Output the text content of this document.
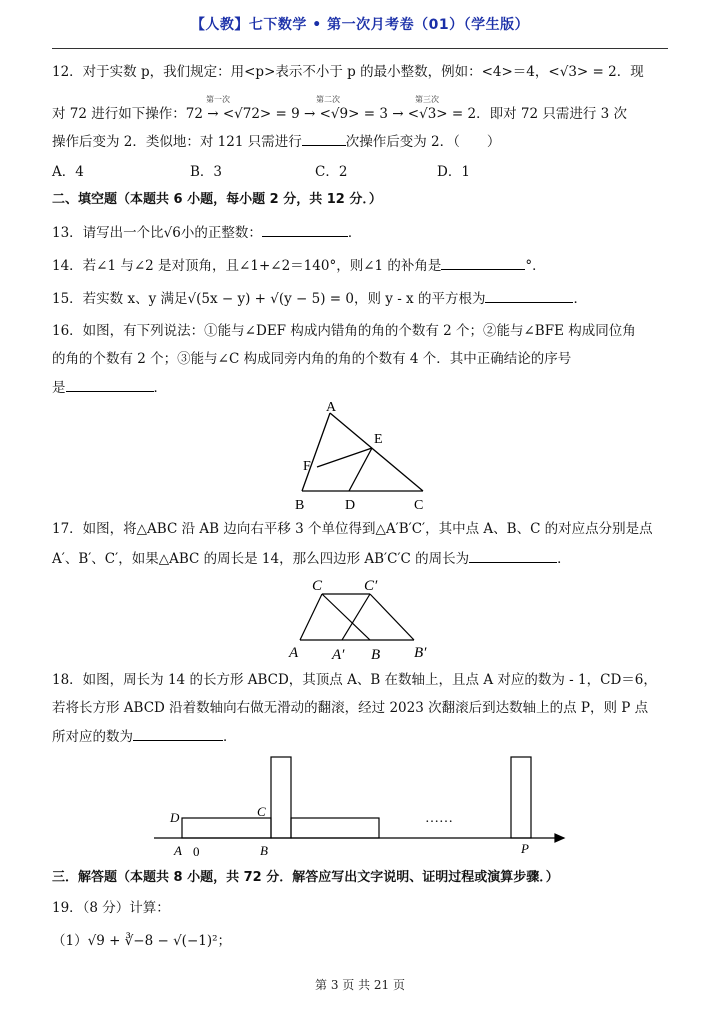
【人教】七下数学 • 第一次月考卷（01）（学生版）
12．对于实数 p，我们规定：用<p>表示不小于 p 的最小整数，例如：<4>＝4，<√3> = 2．现
第一次	第二次	第三次
对 72 进行如下操作：72 → <√72> = 9 → <√9> = 3 → <√3> = 2．即对 72 只需进行 3 次
操作后变为 2．类似地：对 121 只需进行	次操作后变为 2．（　　）
A．4	B．3	C．2	D．1
二、填空题（本题共 6 小题，每小题 2 分，共 12 分．）
13．请写出一个比√6小的正整数：	．
14．若∠1 与∠2 是对顶角，且∠1+∠2＝140°，则∠1 的补角是	°．
15．若实数 x、y 满足√(5x − y) + √(y − 5) = 0，则 y - x 的平方根为	．
16．如图，有下列说法：①能与∠DEF 构成内错角的角的个数有 2 个；②能与∠BFE 构成同位角
的角的个数有 2 个；③能与∠C 构成同旁内角的角的个数有 4 个．其中正确结论的序号
是	．
A
E
F
B	D	C
17．如图，将△ABC 沿 AB 边向右平移 3 个单位得到△A′B′C′，其中点 A、B、C 的对应点分别是点
A′、B′、C′，如果△ABC 的周长是 14，那么四边形 AB′C′C 的周长为	．
C	C′
A A′ B B′
18．如图，周长为 14 的长方形 ABCD，其顶点 A、B 在数轴上，且点 A 对应的数为 - 1，CD＝6，
若将长方形 ABCD 沿着数轴向右做无滑动的翻滚，经过 2023 次翻滚后到达数轴上的点 P，则 P 点
所对应的数为	．
D	C
A	B	P
0
……
三．解答题（本题共 8 小题，共 72 分．解答应写出文字说明、证明过程或演算步骤．）
19．（8 分）计算：
（1）√9 + ∛−8 − √(−1)²；
第 3 页 共 21 页
